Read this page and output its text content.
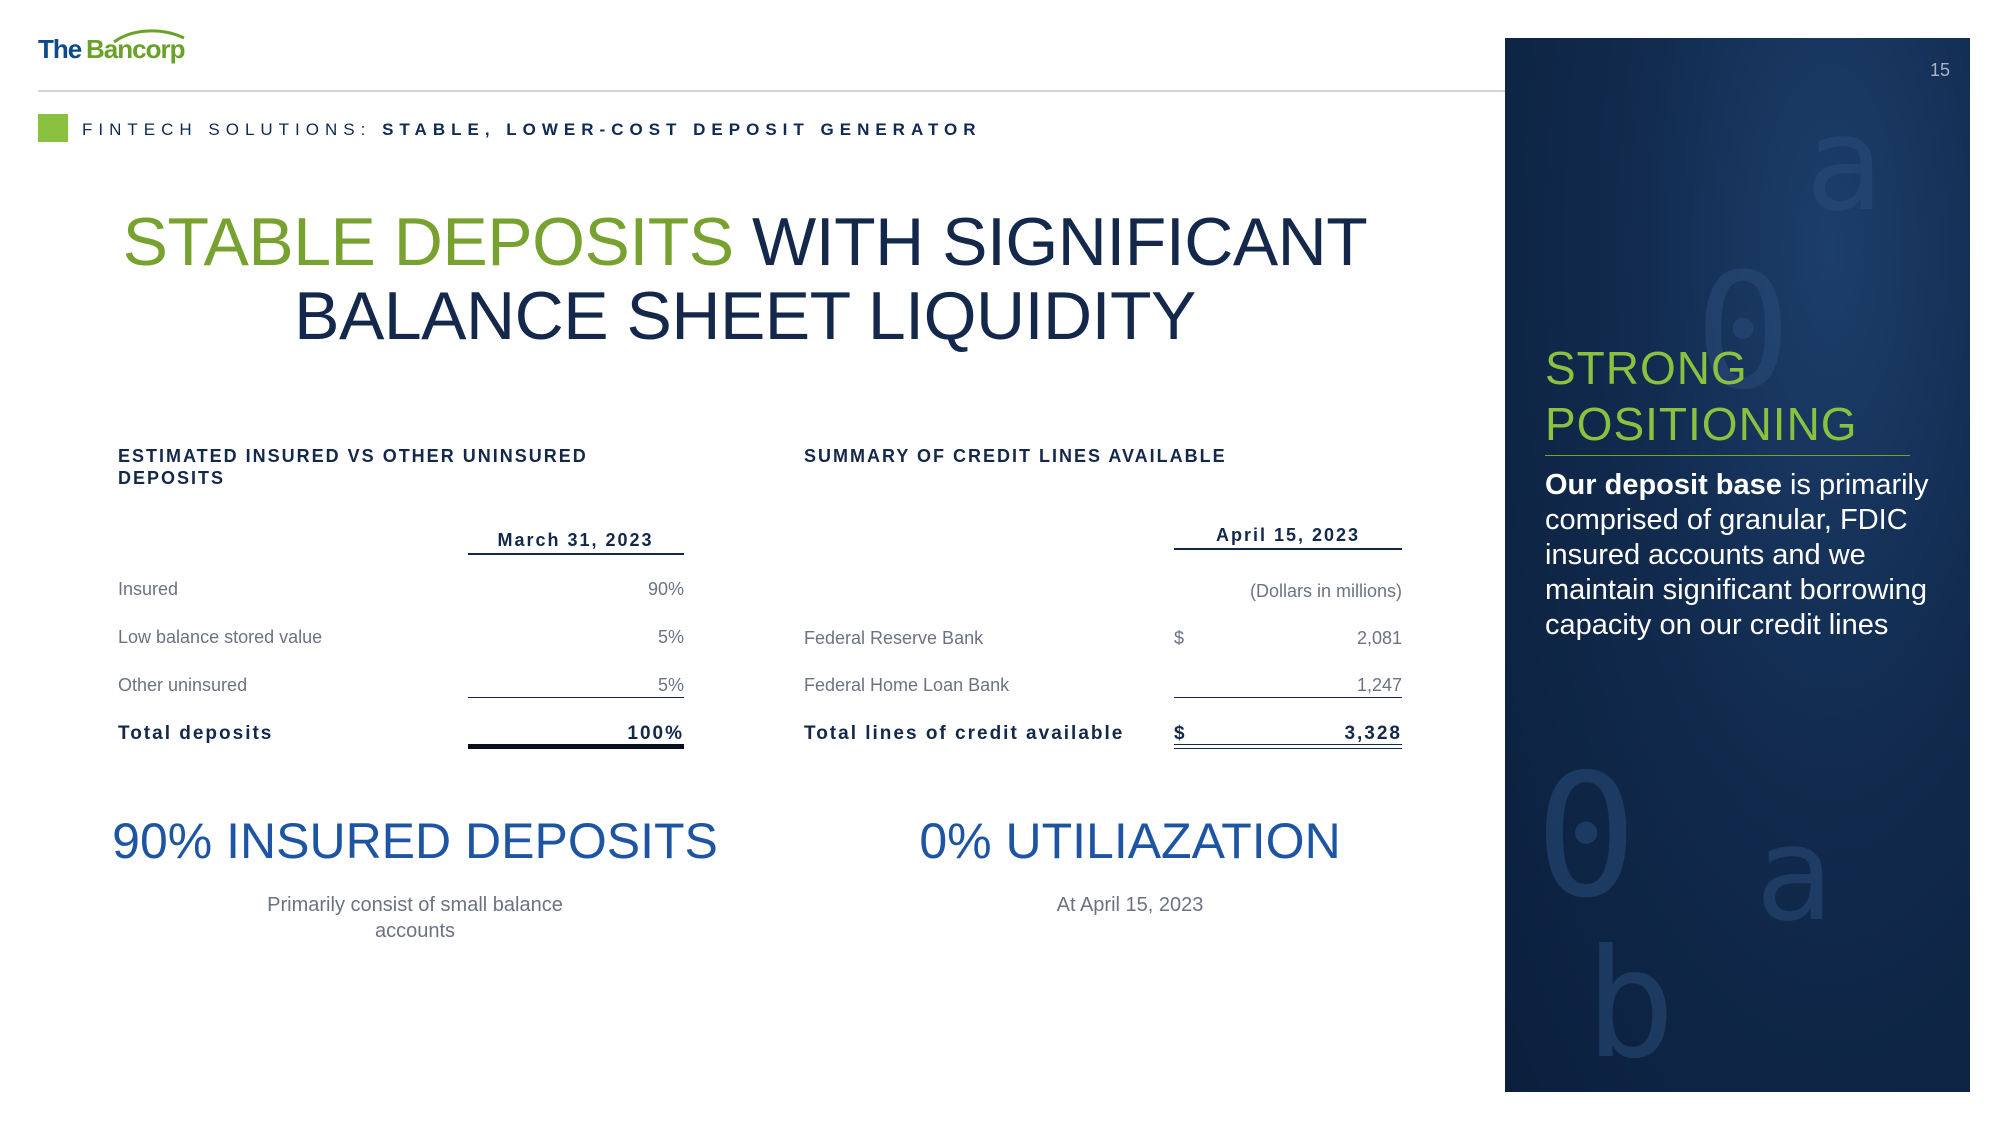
The Bancorp
FINTECH SOLUTIONS: STABLE, LOWER-COST DEPOSIT GENERATOR
STABLE DEPOSITS WITH SIGNIFICANT
BALANCE SHEET LIQUIDITY
ESTIMATED INSURED VS OTHER UNINSURED DEPOSITS
March 31, 2023
Insured	90%
Low balance stored value	5%
Other uninsured	5%
Total deposits	100%
SUMMARY OF CREDIT LINES AVAILABLE
April 15, 2023
(Dollars in millions)
Federal Reserve Bank	$	2,081
Federal Home Loan Bank	1,247
Total lines of credit available	$	3,328
90% INSURED DEPOSITS
Primarily consist of small balance accounts
0% UTILIAZATION
At April 15, 2023
a
0
0 a
b
15
STRONG
POSITIONING
Our deposit base is primarily comprised of granular, FDIC insured accounts and we maintain significant borrowing capacity on our credit lines
